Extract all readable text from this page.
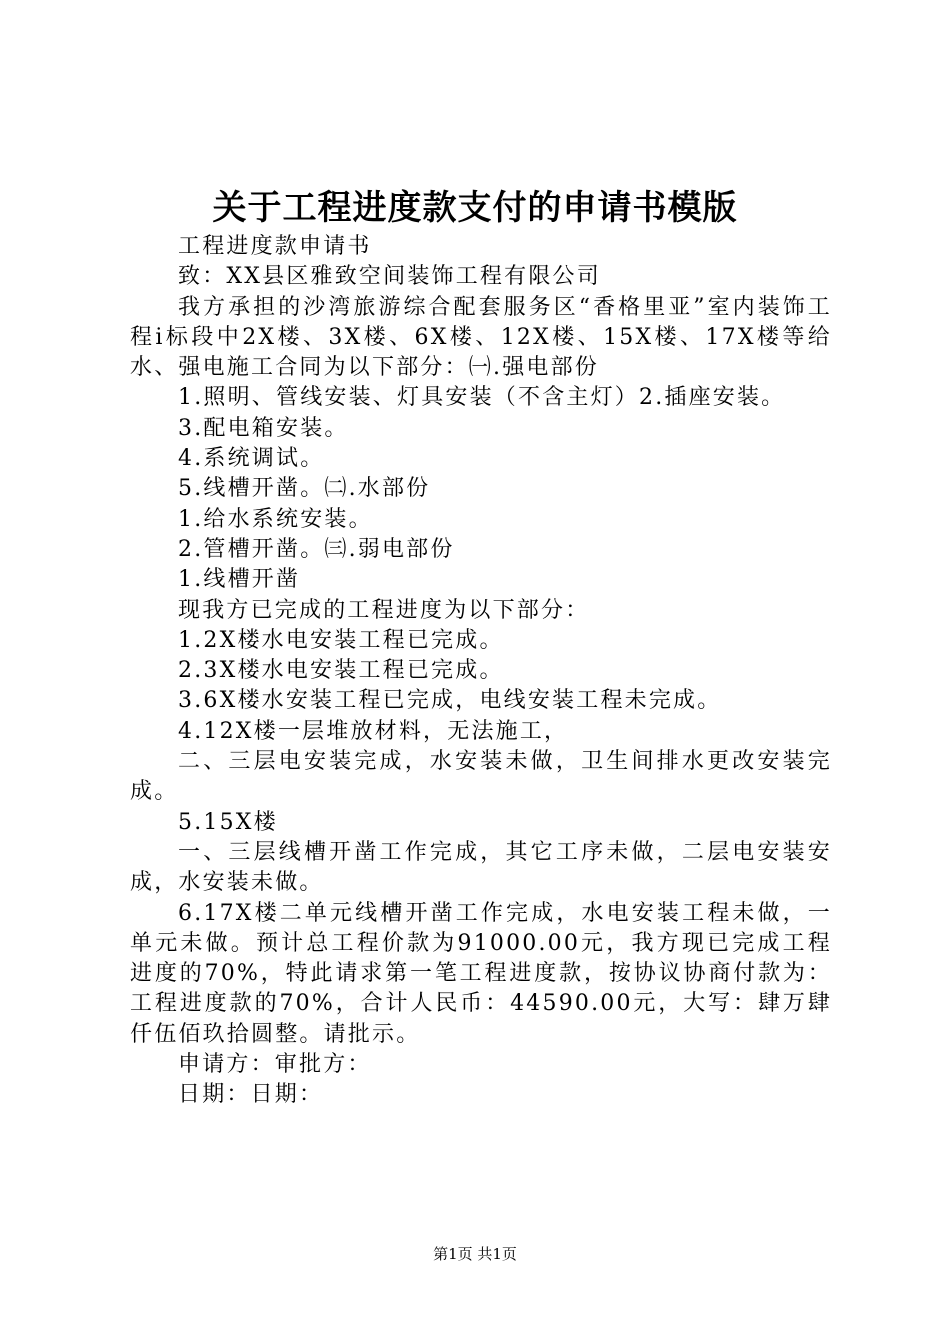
关于工程进度款支付的申请书模版

工程进度款申请书

致：XX县区雅致空间装饰工程有限公司

我方承担的沙湾旅游综合配套服务区“香格里亚”室内装饰工程ⅰ标段中2X楼、3X楼、6X楼、12X楼、15X楼、17X楼等给水、强电施工合同为以下部分：㈠.强电部份

1.照明、管线安装、灯具安装（不含主灯）2.插座安装。

3.配电箱安装。

4.系统调试。

5.线槽开凿。㈡.水部份

1.给水系统安装。

2.管槽开凿。㈢.弱电部份

1.线槽开凿

现我方已完成的工程进度为以下部分：

1.2X楼水电安装工程已完成。

2.3X楼水电安装工程已完成。

3.6X楼水安装工程已完成，电线安装工程未完成。

4.12X楼一层堆放材料，无法施工，

二、三层电安装完成，水安装未做，卫生间排水更改安装完成。

5.15X楼

一、三层线槽开凿工作完成，其它工序未做，二层电安装安成，水安装未做。

6.17X楼二单元线槽开凿工作完成，水电安装工程未做，一单元未做。预计总工程价款为91000.00元，我方现已完成工程进度的70%，特此请求第一笔工程进度款，按协议协商付款为：工程进度款的70%，合计人民币：44590.00元，大写：肆万肆仟伍佰玖拾圆整。请批示。

申请方：审批方：

日期：日期：

第1页 共1页
